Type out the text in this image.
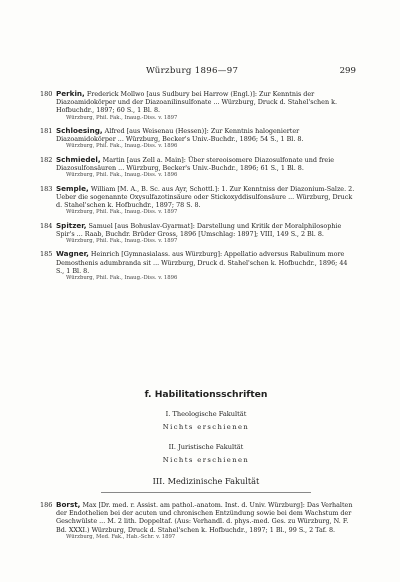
Würzburg 1896—97	299
180 Perkin, Frederick Mollwo [aus Sudbury bei Harrow (Engl.)]: Zur Kenntnis der Diazoamidokörper und der Diazoanilinsulfonate ... Würzburg, Druck d. Stahel'schen k. Hofbuchdr., 1897; 60 S., 1 Bl. 8.
Würzburg, Phil. Fak., Inaug.-Diss. v. 1897
181 Schloesing, Alfred [aus Weisenau (Hessen)]: Zur Kenntnis halogenierter Diazoamidokörper ... Würzburg, Becker's Univ.-Buchdr., 1896; 54 S., 1 Bl. 8.
Würzburg, Phil. Fak., Inaug.-Diss. v. 1896
182 Schmiedel, Martin [aus Zell a. Main]: Über stereoisomere Diazosulfonate und freie Diazosulfonsäuren ... Würzburg, Becker's Univ.-Buchdr., 1896; 61 S., 1 Bl. 8.
Würzburg, Phil. Fak., Inaug.-Diss. v. 1896
183 Semple, William [M. A., B. Sc. aus Ayr, Schottl.]: 1. Zur Kenntniss der Diazonium-Salze. 2. Ueber die sogenannte Oxysulfazotinsäure oder Stickoxyddisulfonsäure ... Würzburg, Druck d. Stahel'schen k. Hofbuchdr., 1897; 78 S. 8.
Würzburg, Phil. Fak., Inaug.-Diss. v. 1897
184 Spitzer, Samuel [aus Bohuslav-Gyarmat]: Darstellung und Kritik der Moralphilosophie Spir's ... Raab, Buchdr. Brüder Gross, 1896 [Umschlag: 1897]; VIII, 149 S., 2 Bl. 8.
Würzburg, Phil. Fak., Inaug.-Diss. v. 1897
185 Wagner, Heinrich [Gymnasialass. aus Würzburg]: Appellatio adversus Rabulinum more Demosthenis adumbranda sit ... Würzburg, Druck d. Stahel'schen k. Hofbuchdr., 1896; 44 S., 1 Bl. 8.
Würzburg, Phil. Fak., Inaug.-Diss. v. 1896
f. Habilitationsschriften
I. Theologische Fakultät
Nichts erschienen
II. Juristische Fakultät
Nichts erschienen
III. Medizinische Fakultät
186 Borst, Max [Dr. med. r. Assist. am pathol.-anatom. Inst. d. Univ. Würzburg]: Das Verhalten der Endothelien bei der acuten und chronischen Entzündung sowie bei dem Wachstum der Geschwülste ... M. 2 lith. Doppeltaf. (Aus: Verhandl. d. phys.-med. Ges. zu Würzburg, N. F. Bd. XXXI.) Würzburg, Druck d. Stahel'schen k. Hofbuchdr., 1897; 1 Bl., 99 S., 2 Taf. 8.
Würzburg, Med. Fak., Hab.-Schr. v. 1897
